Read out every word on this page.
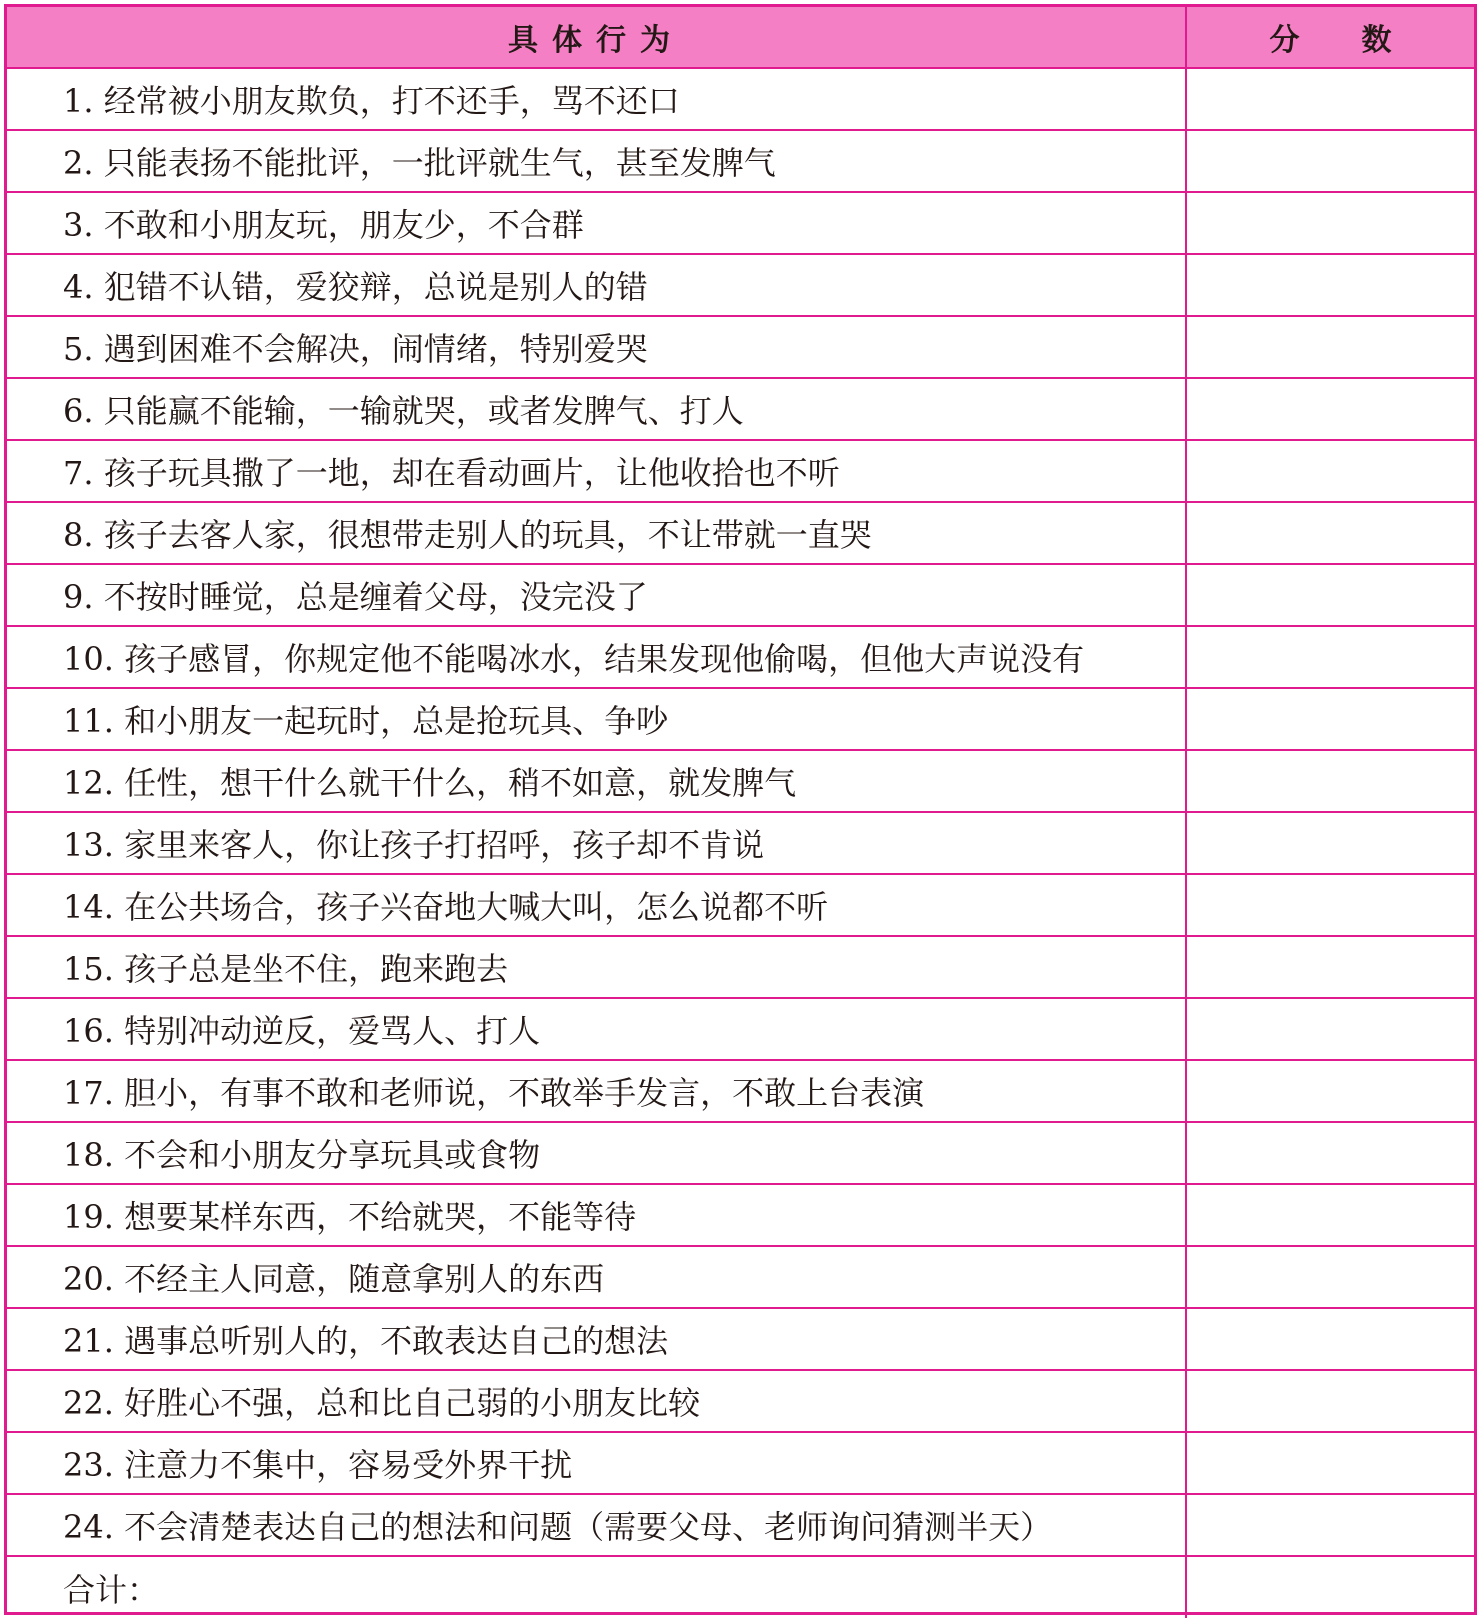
具体行为	分 数
1. 经常被小朋友欺负，打不还手，骂不还口	
2. 只能表扬不能批评，一批评就生气，甚至发脾气	
3. 不敢和小朋友玩，朋友少，不合群	
4. 犯错不认错，爱狡辩，总说是别人的错	
5. 遇到困难不会解决，闹情绪，特别爱哭	
6. 只能赢不能输，一输就哭，或者发脾气、打人	
7. 孩子玩具撒了一地，却在看动画片，让他收拾也不听	
8. 孩子去客人家，很想带走别人的玩具，不让带就一直哭	
9. 不按时睡觉，总是缠着父母，没完没了	
10. 孩子感冒，你规定他不能喝冰水，结果发现他偷喝，但他大声说没有	
11. 和小朋友一起玩时，总是抢玩具、争吵	
12. 任性，想干什么就干什么，稍不如意，就发脾气	
13. 家里来客人，你让孩子打招呼，孩子却不肯说	
14. 在公共场合，孩子兴奋地大喊大叫，怎么说都不听	
15. 孩子总是坐不住，跑来跑去	
16. 特别冲动逆反，爱骂人、打人	
17. 胆小，有事不敢和老师说，不敢举手发言，不敢上台表演	
18. 不会和小朋友分享玩具或食物	
19. 想要某样东西，不给就哭，不能等待	
20. 不经主人同意，随意拿别人的东西	
21. 遇事总听别人的，不敢表达自己的想法	
22. 好胜心不强，总和比自己弱的小朋友比较	
23. 注意力不集中，容易受外界干扰	
24. 不会清楚表达自己的想法和问题（需要父母、老师询问猜测半天）	
合计：	
